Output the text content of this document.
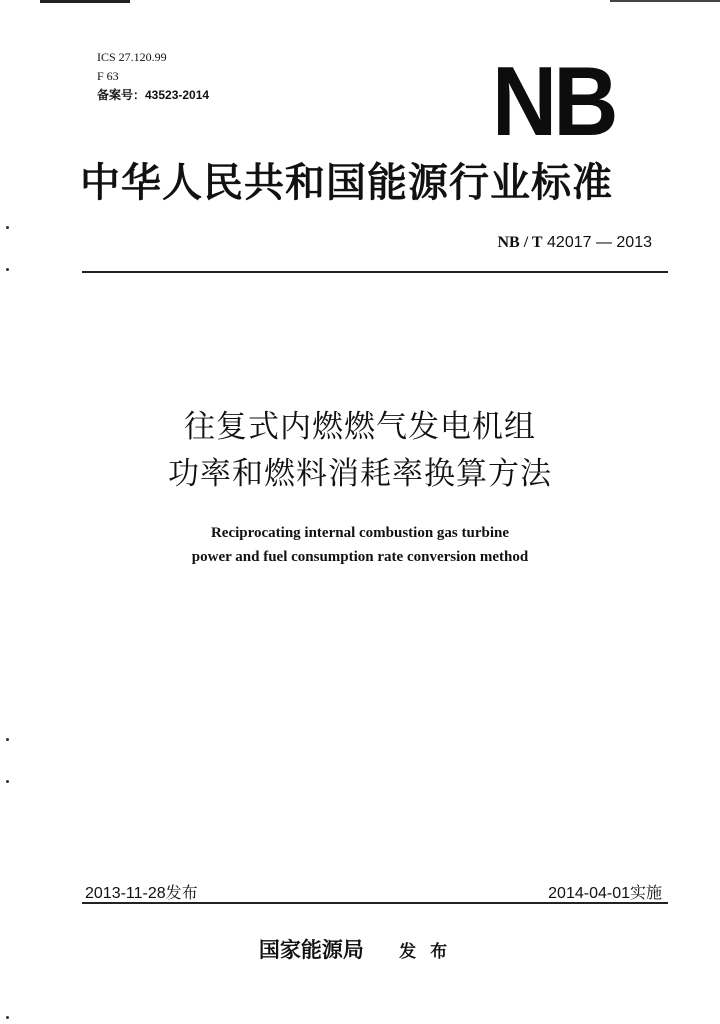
ICS 27.120.99
F 63
备案号：43523-2014	NB
中华人民共和国能源行业标准
NB / T 42017 — 2013
往复式内燃燃气发电机组
功率和燃料消耗率换算方法
Reciprocating internal combustion gas turbine
power and fuel consumption rate conversion method
2013-11-28发布	2014-04-01实施
国家能源局 发布
